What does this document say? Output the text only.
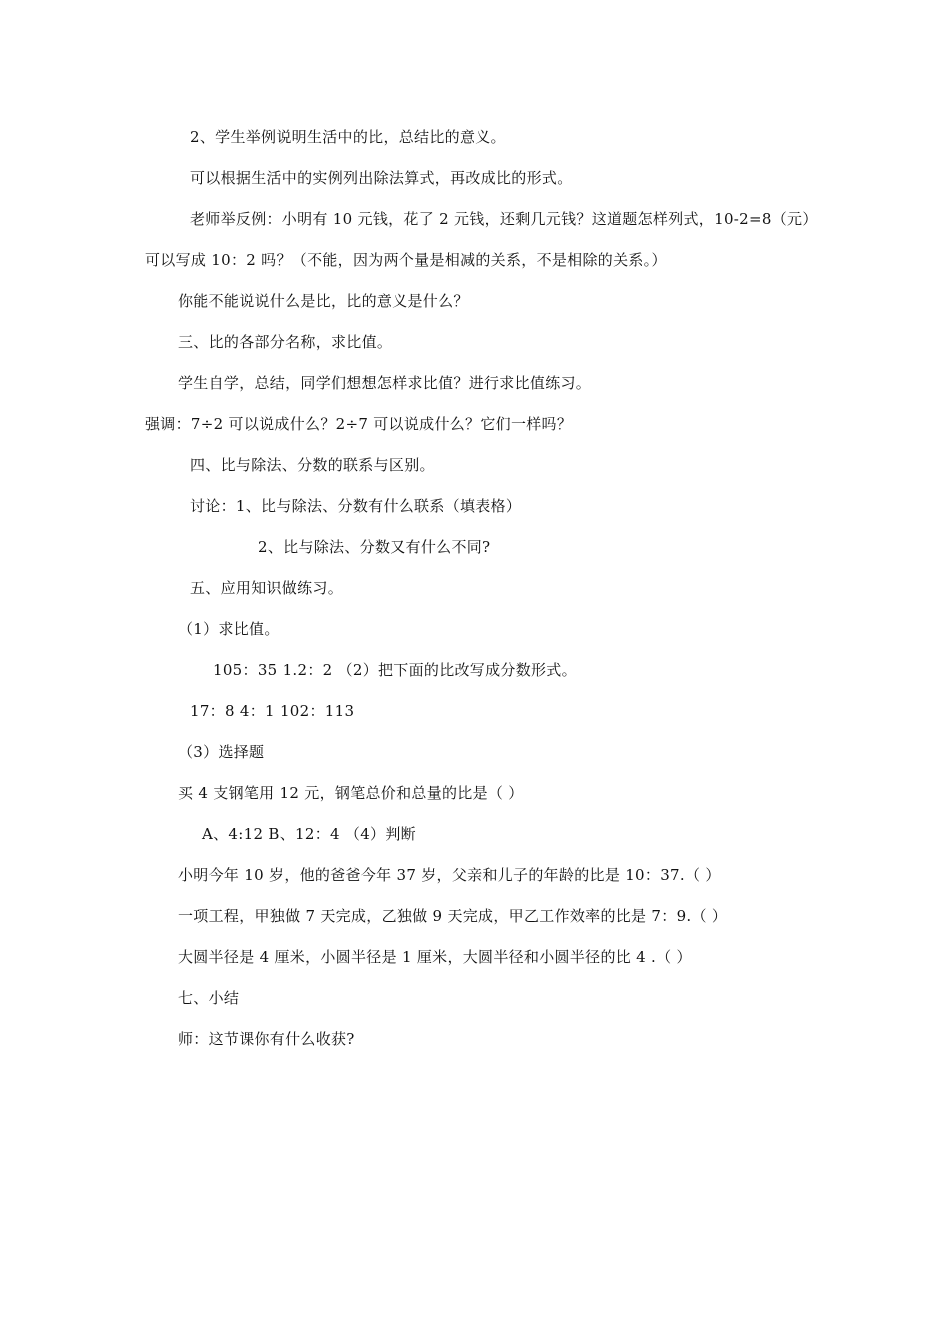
2、学生举例说明生活中的比，总结比的意义。
可以根据生活中的实例列出除法算式，再改成比的形式。
老师举反例：小明有 10 元钱，花了 2 元钱，还剩几元钱？这道题怎样列式，10-2=8（元）
可以写成 10：2 吗？（不能，因为两个量是相减的关系，不是相除的关系。）
你能不能说说什么是比，比的意义是什么？
三、比的各部分名称，求比值。
学生自学，总结，同学们想想怎样求比值？进行求比值练习。
强调：7÷2 可以说成什么？2÷7 可以说成什么？它们一样吗？
四、比与除法、分数的联系与区别。
讨论：1、比与除法、分数有什么联系（填表格）
2、比与除法、分数又有什么不同?
五、应用知识做练习。
（1）求比值。
105：35 1.2：2 （2）把下面的比改写成分数形式。
17：8 4：1 102：113
（3）选择题
买 4 支钢笔用 12 元，钢笔总价和总量的比是（ ）
A、4:12 B、12：4 （4）判断
小明今年 10 岁，他的爸爸今年 37 岁，父亲和儿子的年龄的比是 10：37.（ ）
一项工程，甲独做 7 天完成，乙独做 9 天完成，甲乙工作效率的比是 7：9.（ ）
大圆半径是 4 厘米，小圆半径是 1 厘米，大圆半径和小圆半径的比 4 .（ ）
七、小结
师：这节课你有什么收获?
